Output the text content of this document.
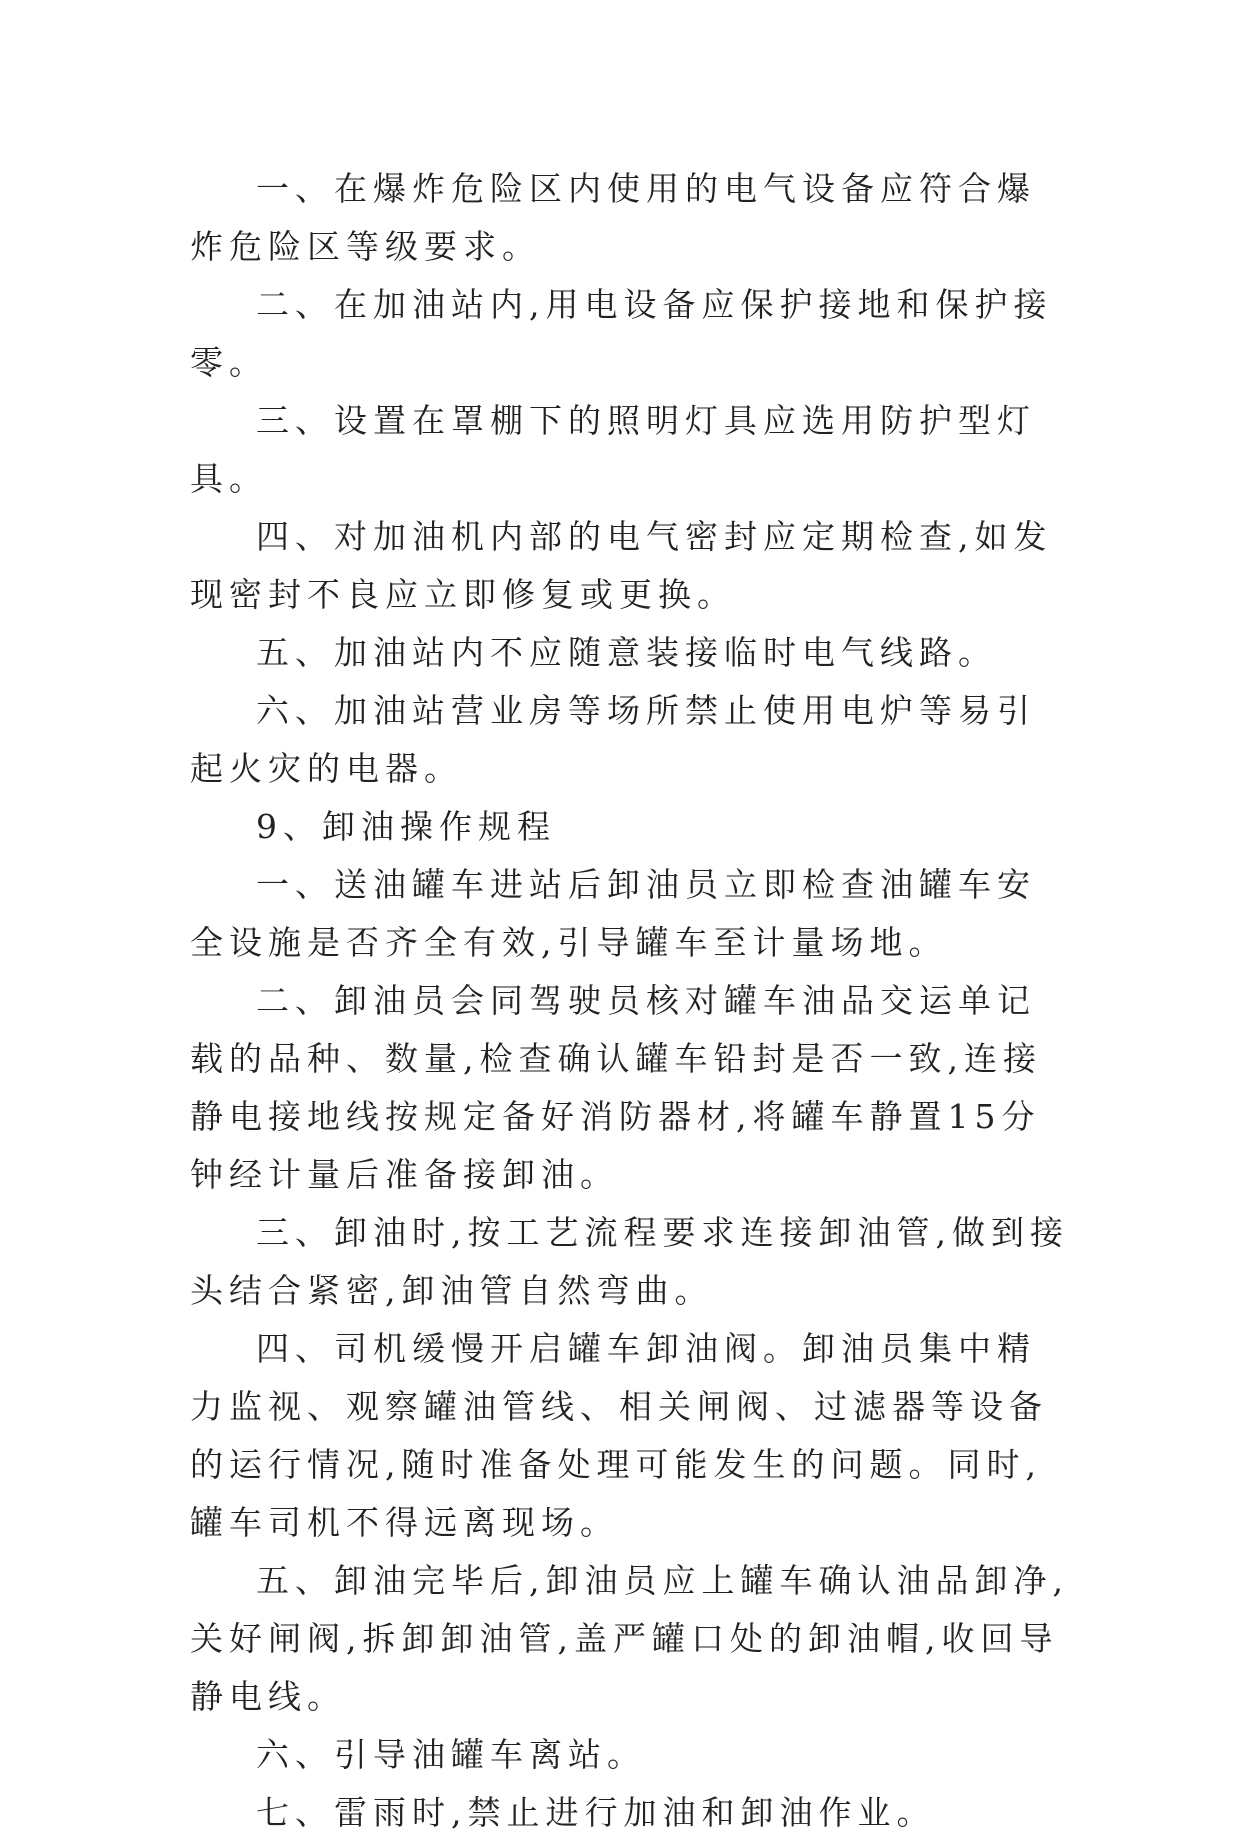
一、在爆炸危险区内使用的电气设备应符合爆炸危险区等级要求。

二、在加油站内,用电设备应保护接地和保护接零。

三、设置在罩棚下的照明灯具应选用防护型灯具。

四、对加油机内部的电气密封应定期检查,如发现密封不良应立即修复或更换。

五、加油站内不应随意装接临时电气线路。

六、加油站营业房等场所禁止使用电炉等易引起火灾的电器。

9、卸油操作规程

一、送油罐车进站后卸油员立即检查油罐车安全设施是否齐全有效,引导罐车至计量场地。

二、卸油员会同驾驶员核对罐车油品交运单记载的品种、数量,检查确认罐车铅封是否一致,连接静电接地线按规定备好消防器材,将罐车静置15分钟经计量后准备接卸油。

三、卸油时,按工艺流程要求连接卸油管,做到接头结合紧密,卸油管自然弯曲。

四、司机缓慢开启罐车卸油阀。卸油员集中精力监视、观察罐油管线、相关闸阀、过滤器等设备的运行情况,随时准备处理可能发生的问题。同时,罐车司机不得远离现场。

五、卸油完毕后,卸油员应上罐车确认油品卸净,关好闸阀,拆卸卸油管,盖严罐口处的卸油帽,收回导静电线。

六、引导油罐车离站。

七、雷雨时,禁止进行加油和卸油作业。
